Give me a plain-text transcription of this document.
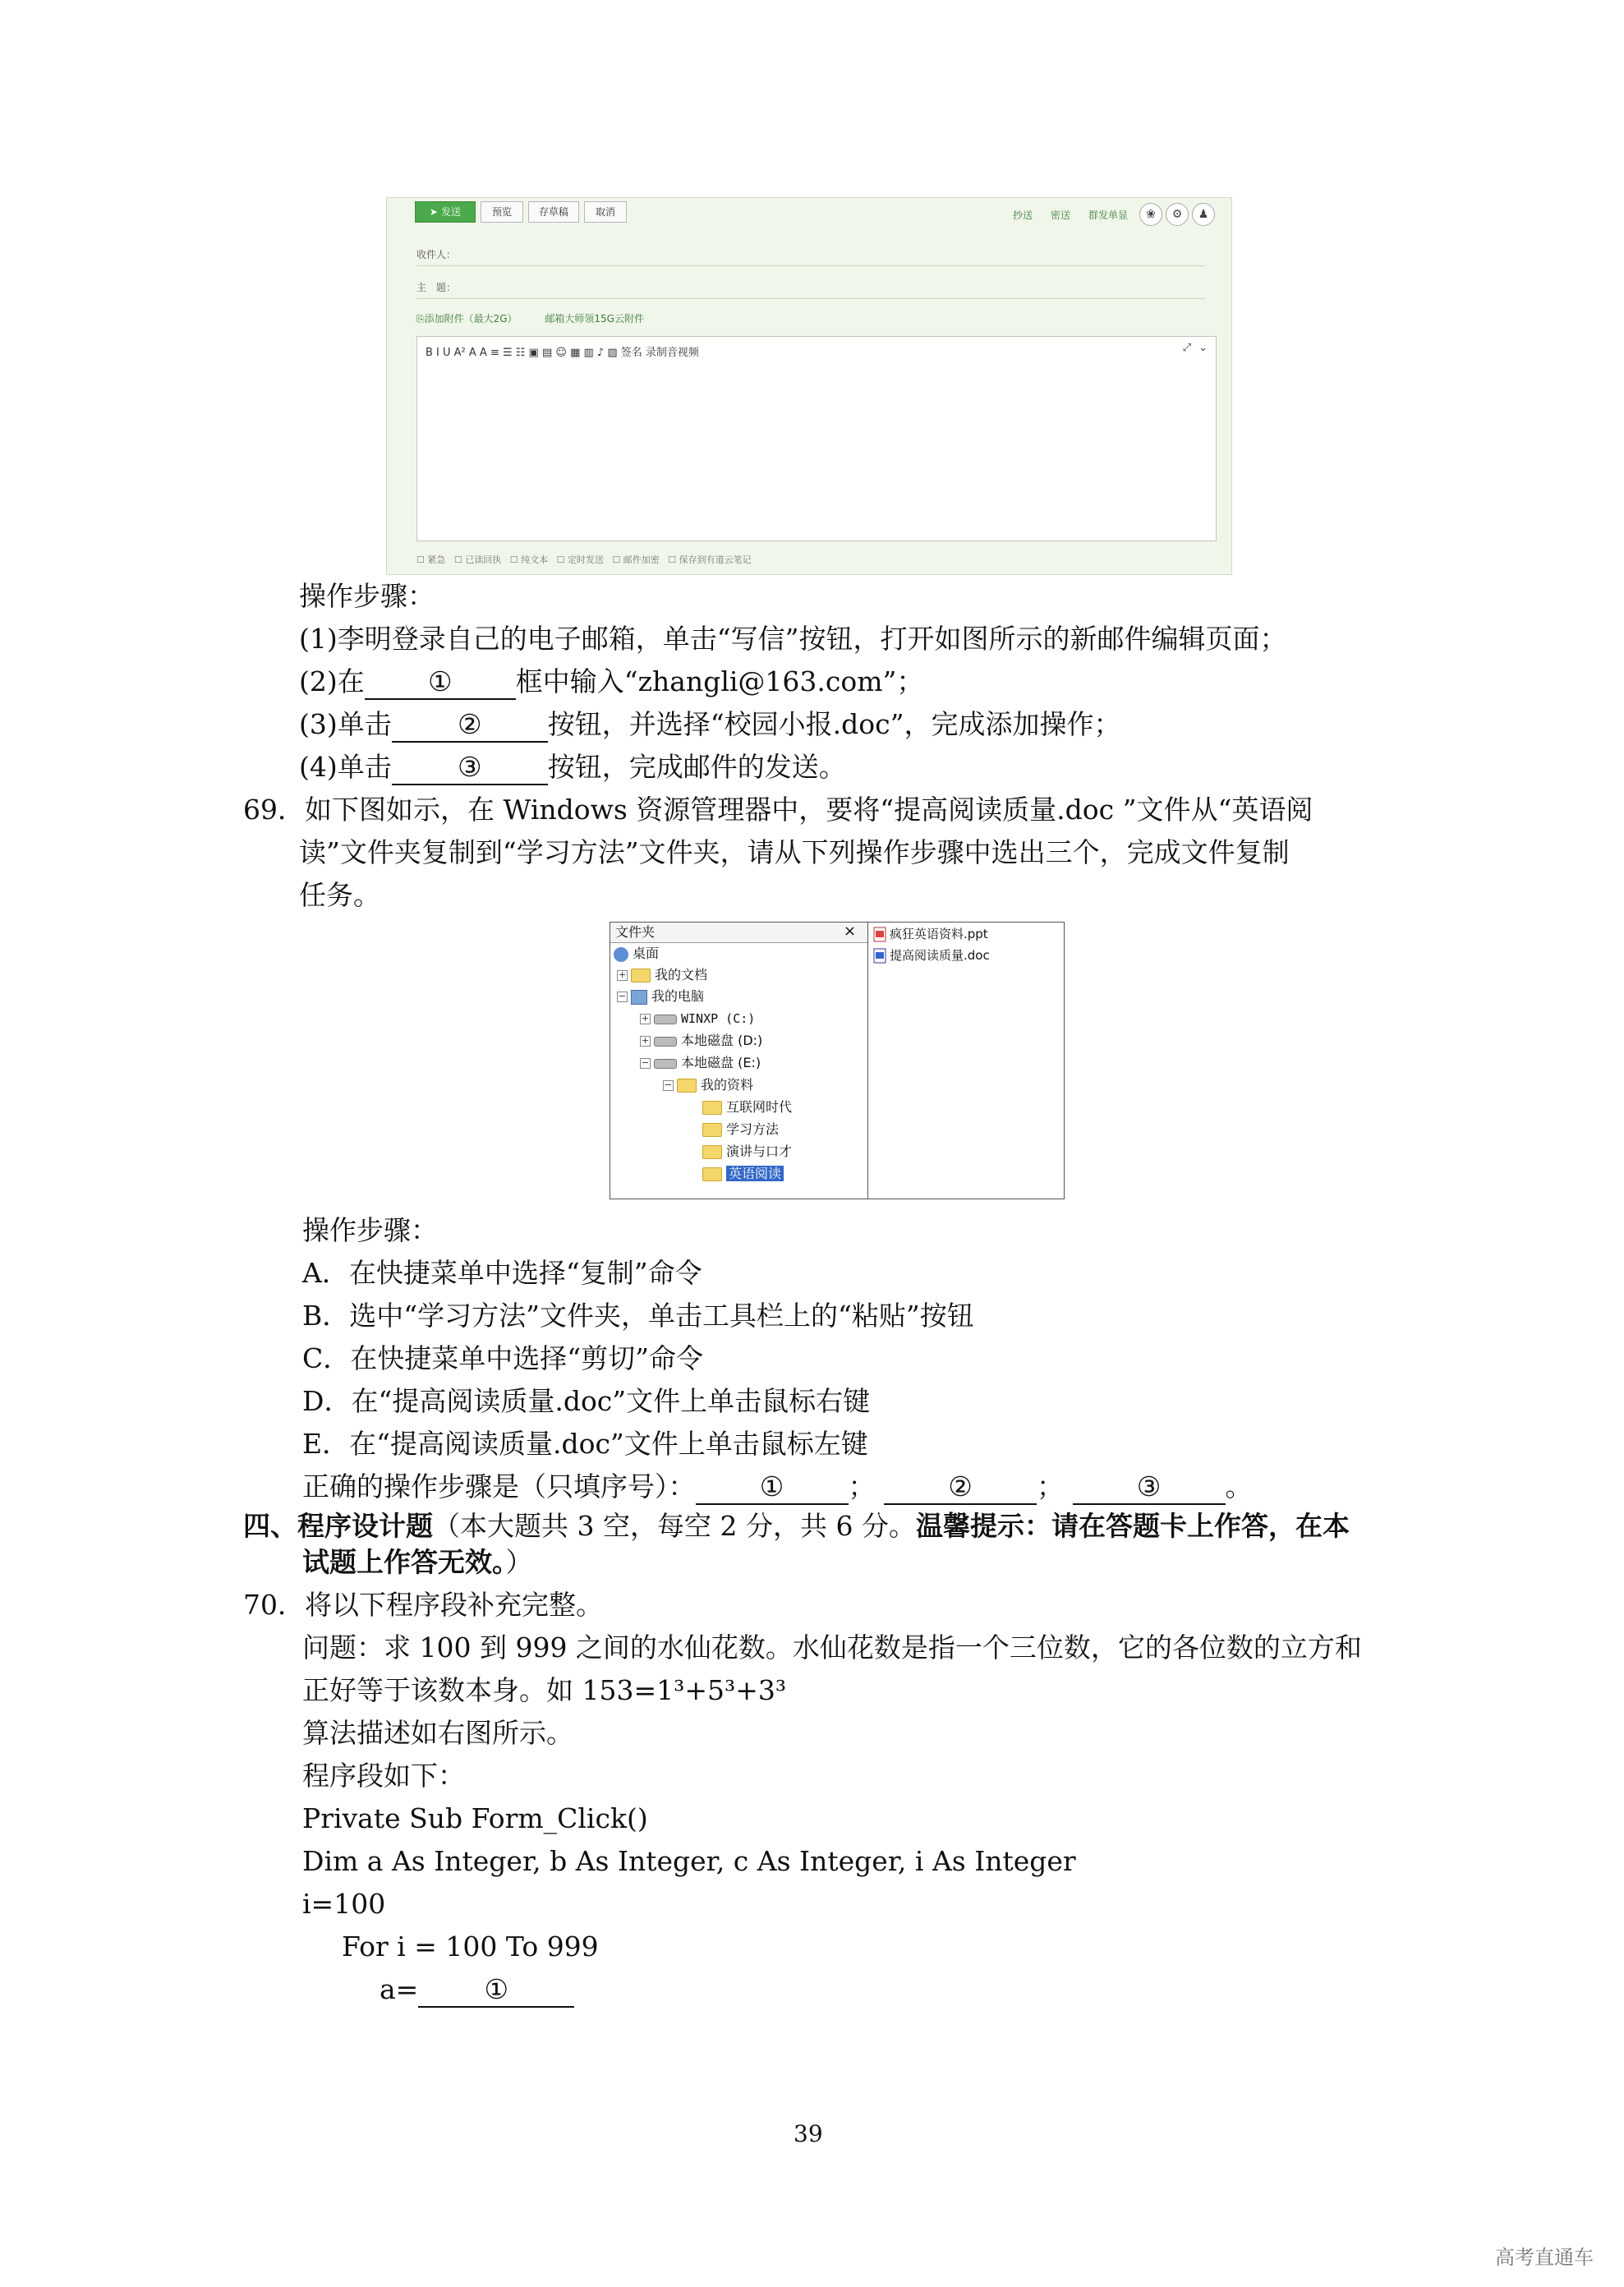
➤ 发送	预览	存草稿	取消	抄送 密送 群发单显	❀	⚙	♟
收件人：
主　题：
⎘添加附件（最大2G）	邮箱大师领15G云附件
B I U A² A A ≡ ☰ ☷ ▣ ▤ ☺ ▦ ▥ ♪ ▨ 签名 录制音视频	⤢ ⌄
☐ 紧急 ☐ 已读回执 ☐ 纯文本 ☐ 定时发送 ☐ 邮件加密 ☐ 保存到有道云笔记
操作步骤：
(1)李明登录自己的电子邮箱，单击“写信”按钮，打开如图所示的新邮件编辑页面；
(2)在 ① 框中输入“zhangli@163.com”；
(3)单击 ② 按钮，并选择“校园小报.doc”，完成添加操作；
(4)单击 ③ 按钮，完成邮件的发送。
69．如下图如示，在 Windows 资源管理器中，要将“提高阅读质量.doc ”文件从“英语阅
读”文件夹复制到“学习方法”文件夹，请从下列操作步骤中选出三个，完成文件复制
任务。
文件夹	×
桌面
+ 我的文档
− 我的电脑
+	WINXP (C:)
+ 本地磁盘 (D:)
− 本地磁盘 (E:)
− 我的资料
互联网时代
学习方法
演讲与口才
英语阅读
疯狂英语资料.ppt
提高阅读质量.doc
操作步骤：
A．在快捷菜单中选择“复制”命令
B．选中“学习方法”文件夹，单击工具栏上的“粘贴”按钮
C．在快捷菜单中选择“剪切”命令
D．在“提高阅读质量.doc”文件上单击鼠标右键
E．在“提高阅读质量.doc”文件上单击鼠标左键
正确的操作步骤是（只填序号）： ① ；	② ；	③ 。
四、程序设计题（本大题共 3 空，每空 2 分，共 6 分。温馨提示：请在答题卡上作答，在本
试题上作答无效。）
70．将以下程序段补充完整。
问题：求 100 到 999 之间的水仙花数。水仙花数是指一个三位数，它的各位数的立方和
正好等于该数本身。如 153=1³+5³+3³
算法描述如右图所示。
程序段如下：
Private Sub Form_Click()
Dim a As Integer, b As Integer, c As Integer, i As Integer
i=100
For i = 100 To 999
a= ①
39
高考直通车
